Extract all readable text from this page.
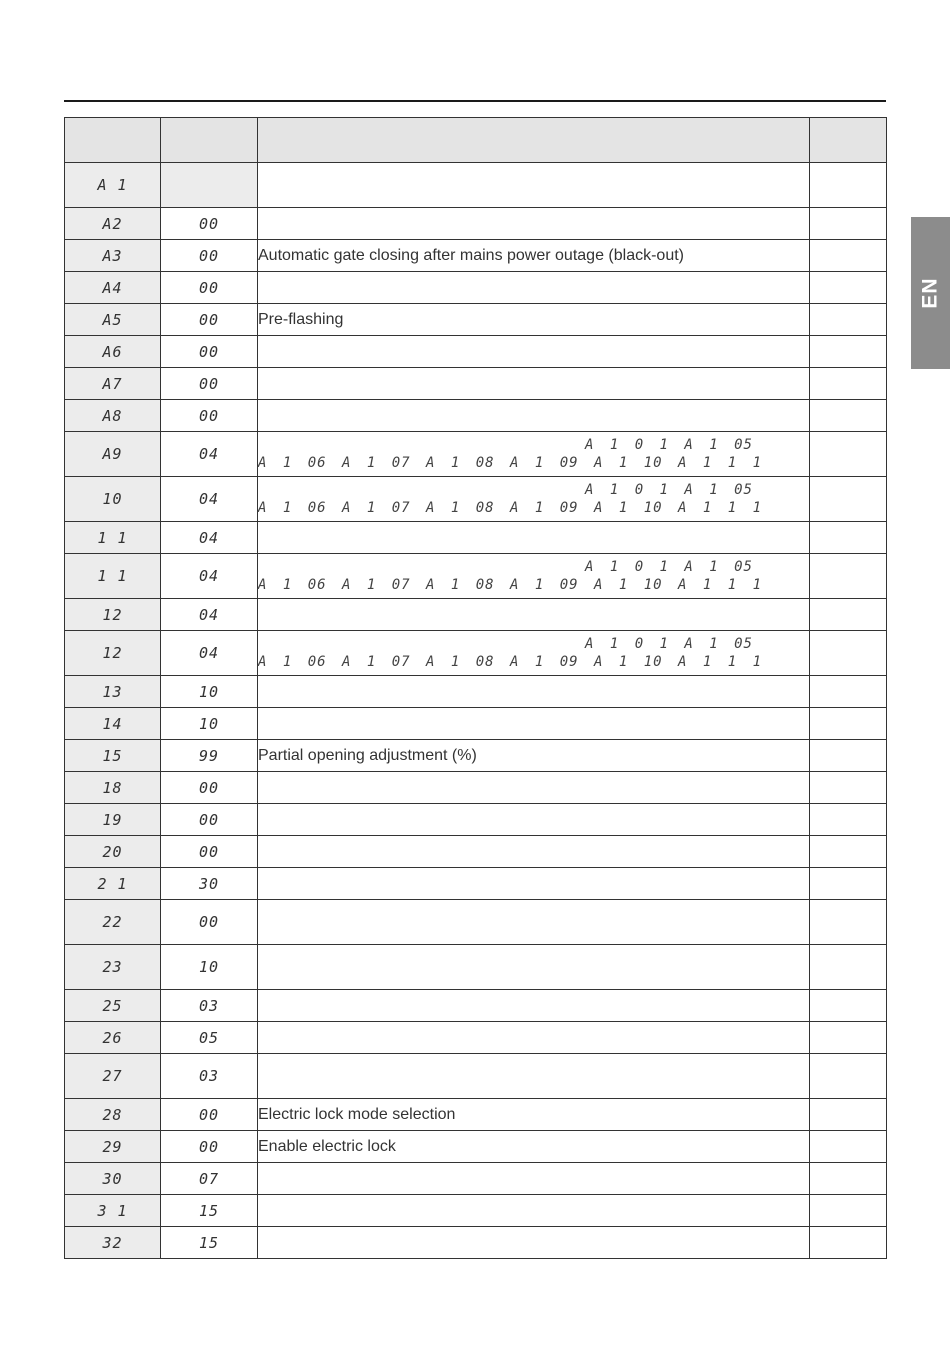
EN

A 1			
A2	00		
A3	00	Automatic gate closing after mains power outage (black-out)	
A4	00		
A5	00	Pre-flashing	
A6	00		
A7	00		
A8	00		
A9	04	A 1 0 1 A 1 05
A 1 06 A 1 07 A 1 08 A 1 09 A 1 10 A 1 1 1	

10	04	A 1 0 1 A 1 05
A 1 06 A 1 07 A 1 08 A 1 09 A 1 10 A 1 1 1	

1 1	04		
1 1	04	A 1 0 1 A 1 05
A 1 06 A 1 07 A 1 08 A 1 09 A 1 10 A 1 1 1	

12	04		
12	04	A 1 0 1 A 1 05
A 1 06 A 1 07 A 1 08 A 1 09 A 1 10 A 1 1 1	

13	10		
14	10		
15	99	Partial opening adjustment (%)	
18	00		
19	00		
20	00		
2 1	30		
22	00		
23	10		
25	03		
26	05		
27	03		
28	00	Electric lock mode selection	
29	00	Enable electric lock	
30	07		
3 1	15		
32	15		
